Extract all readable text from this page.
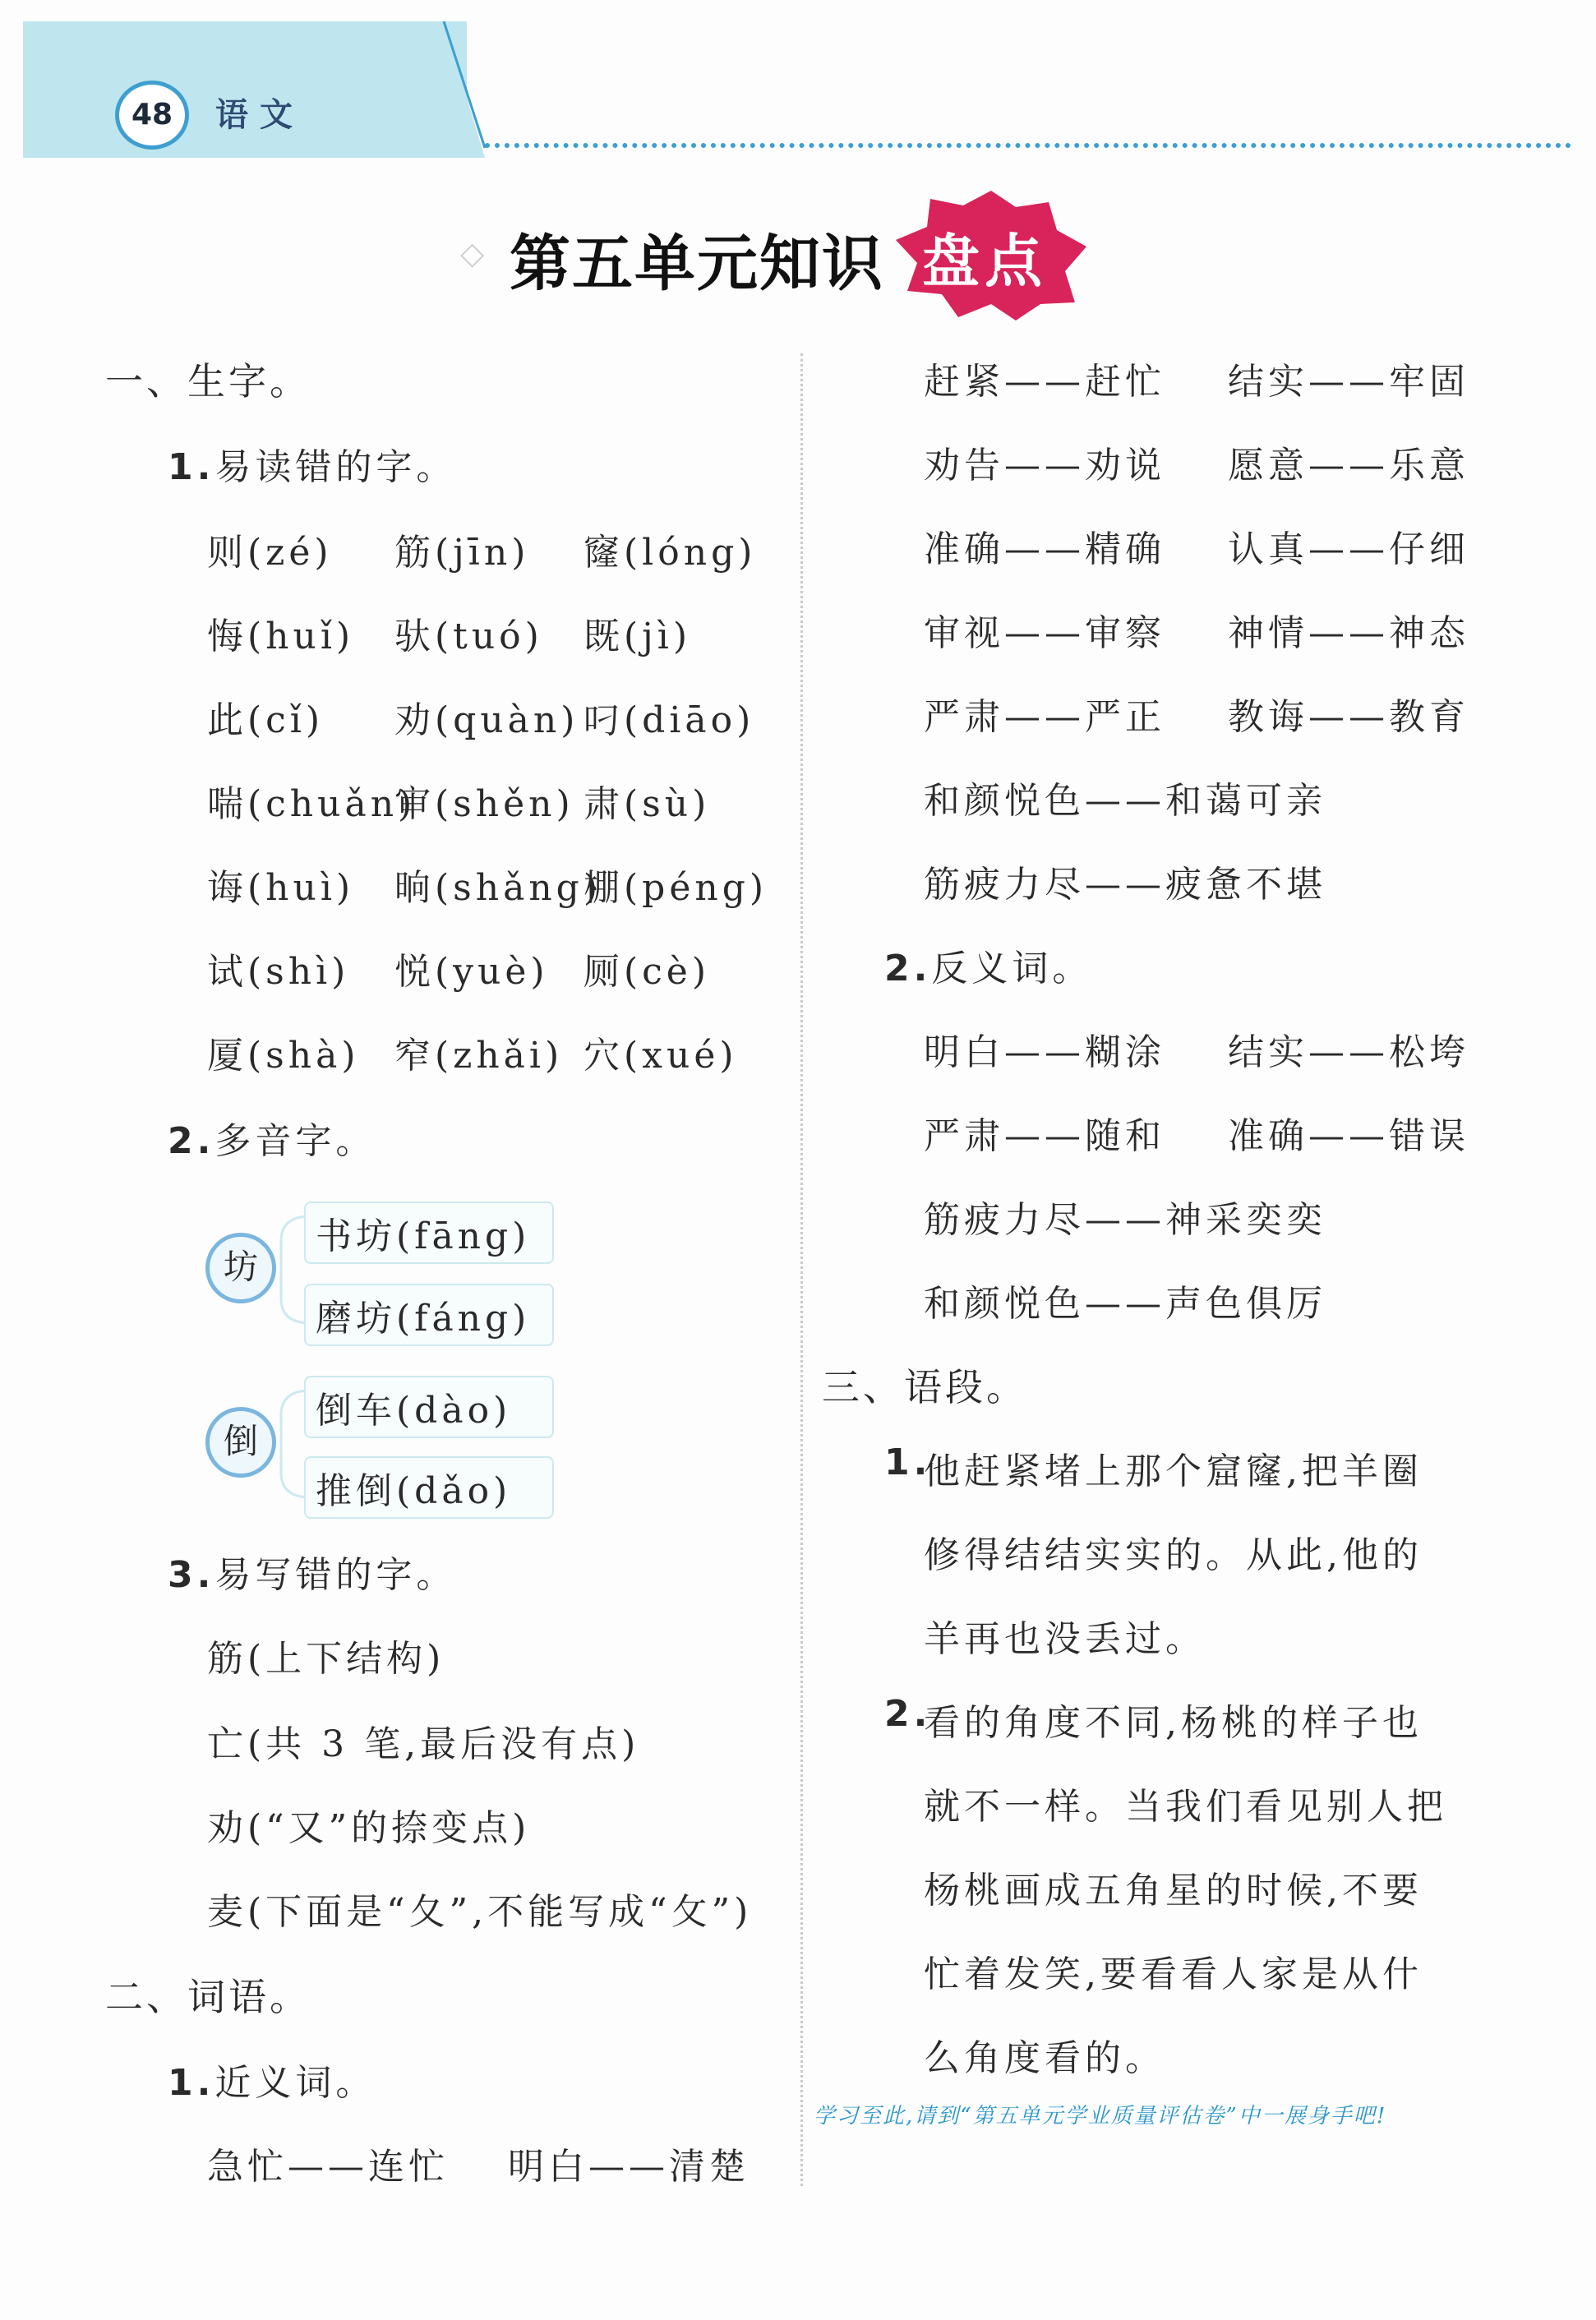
48	语文
◇ 第五单元知识 盘点
一、生字。
1.易读错的字。
则(zé) 筋(jīn) 窿(lóng)
悔(huǐ) 驮(tuó) 既(jì)
此(cǐ) 劝(quàn) 叼(diāo)
喘(chuǎn)
审(shěn) 肃(sù)
诲(huì) 晌(shǎng)
棚(péng)
试(shì) 悦(yuè) 厕(cè)
厦(shà) 窄(zhǎi) 穴(xué)
2.多音字。
坊
书坊(fāng)
磨坊(fáng)
倒
倒车(dào)
推倒(dǎo)
3.易写错的字。
筋(上下结构)
亡(共 3 笔,最后没有点)
劝(“又”的捺变点)
麦(下面是“夂”,不能写成“攵”)
二、词语。
1.近义词。
急忙——连忙 明白——清楚
赶紧——赶忙 结实——牢固
劝告——劝说 愿意——乐意
准确——精确 认真——仔细
审视——审察 神情——神态
严肃——严正 教诲——教育
和颜悦色——和蔼可亲
筋疲力尽——疲惫不堪
2.反义词。
明白——糊涂 结实——松垮
严肃——随和 准确——错误
筋疲力尽——神采奕奕
和颜悦色——声色俱厉
三、语段。
1.
他赶紧堵上那个窟窿,把羊圈
修得结结实实的。从此,他的
羊再也没丢过。
2.
看的角度不同,杨桃的样子也
就不一样。当我们看见别人把
杨桃画成五角星的时候,不要
忙着发笑,要看看人家是从什
么角度看的。
学习至此,请到“第五单元学业质量评估卷”中一展身手吧!
